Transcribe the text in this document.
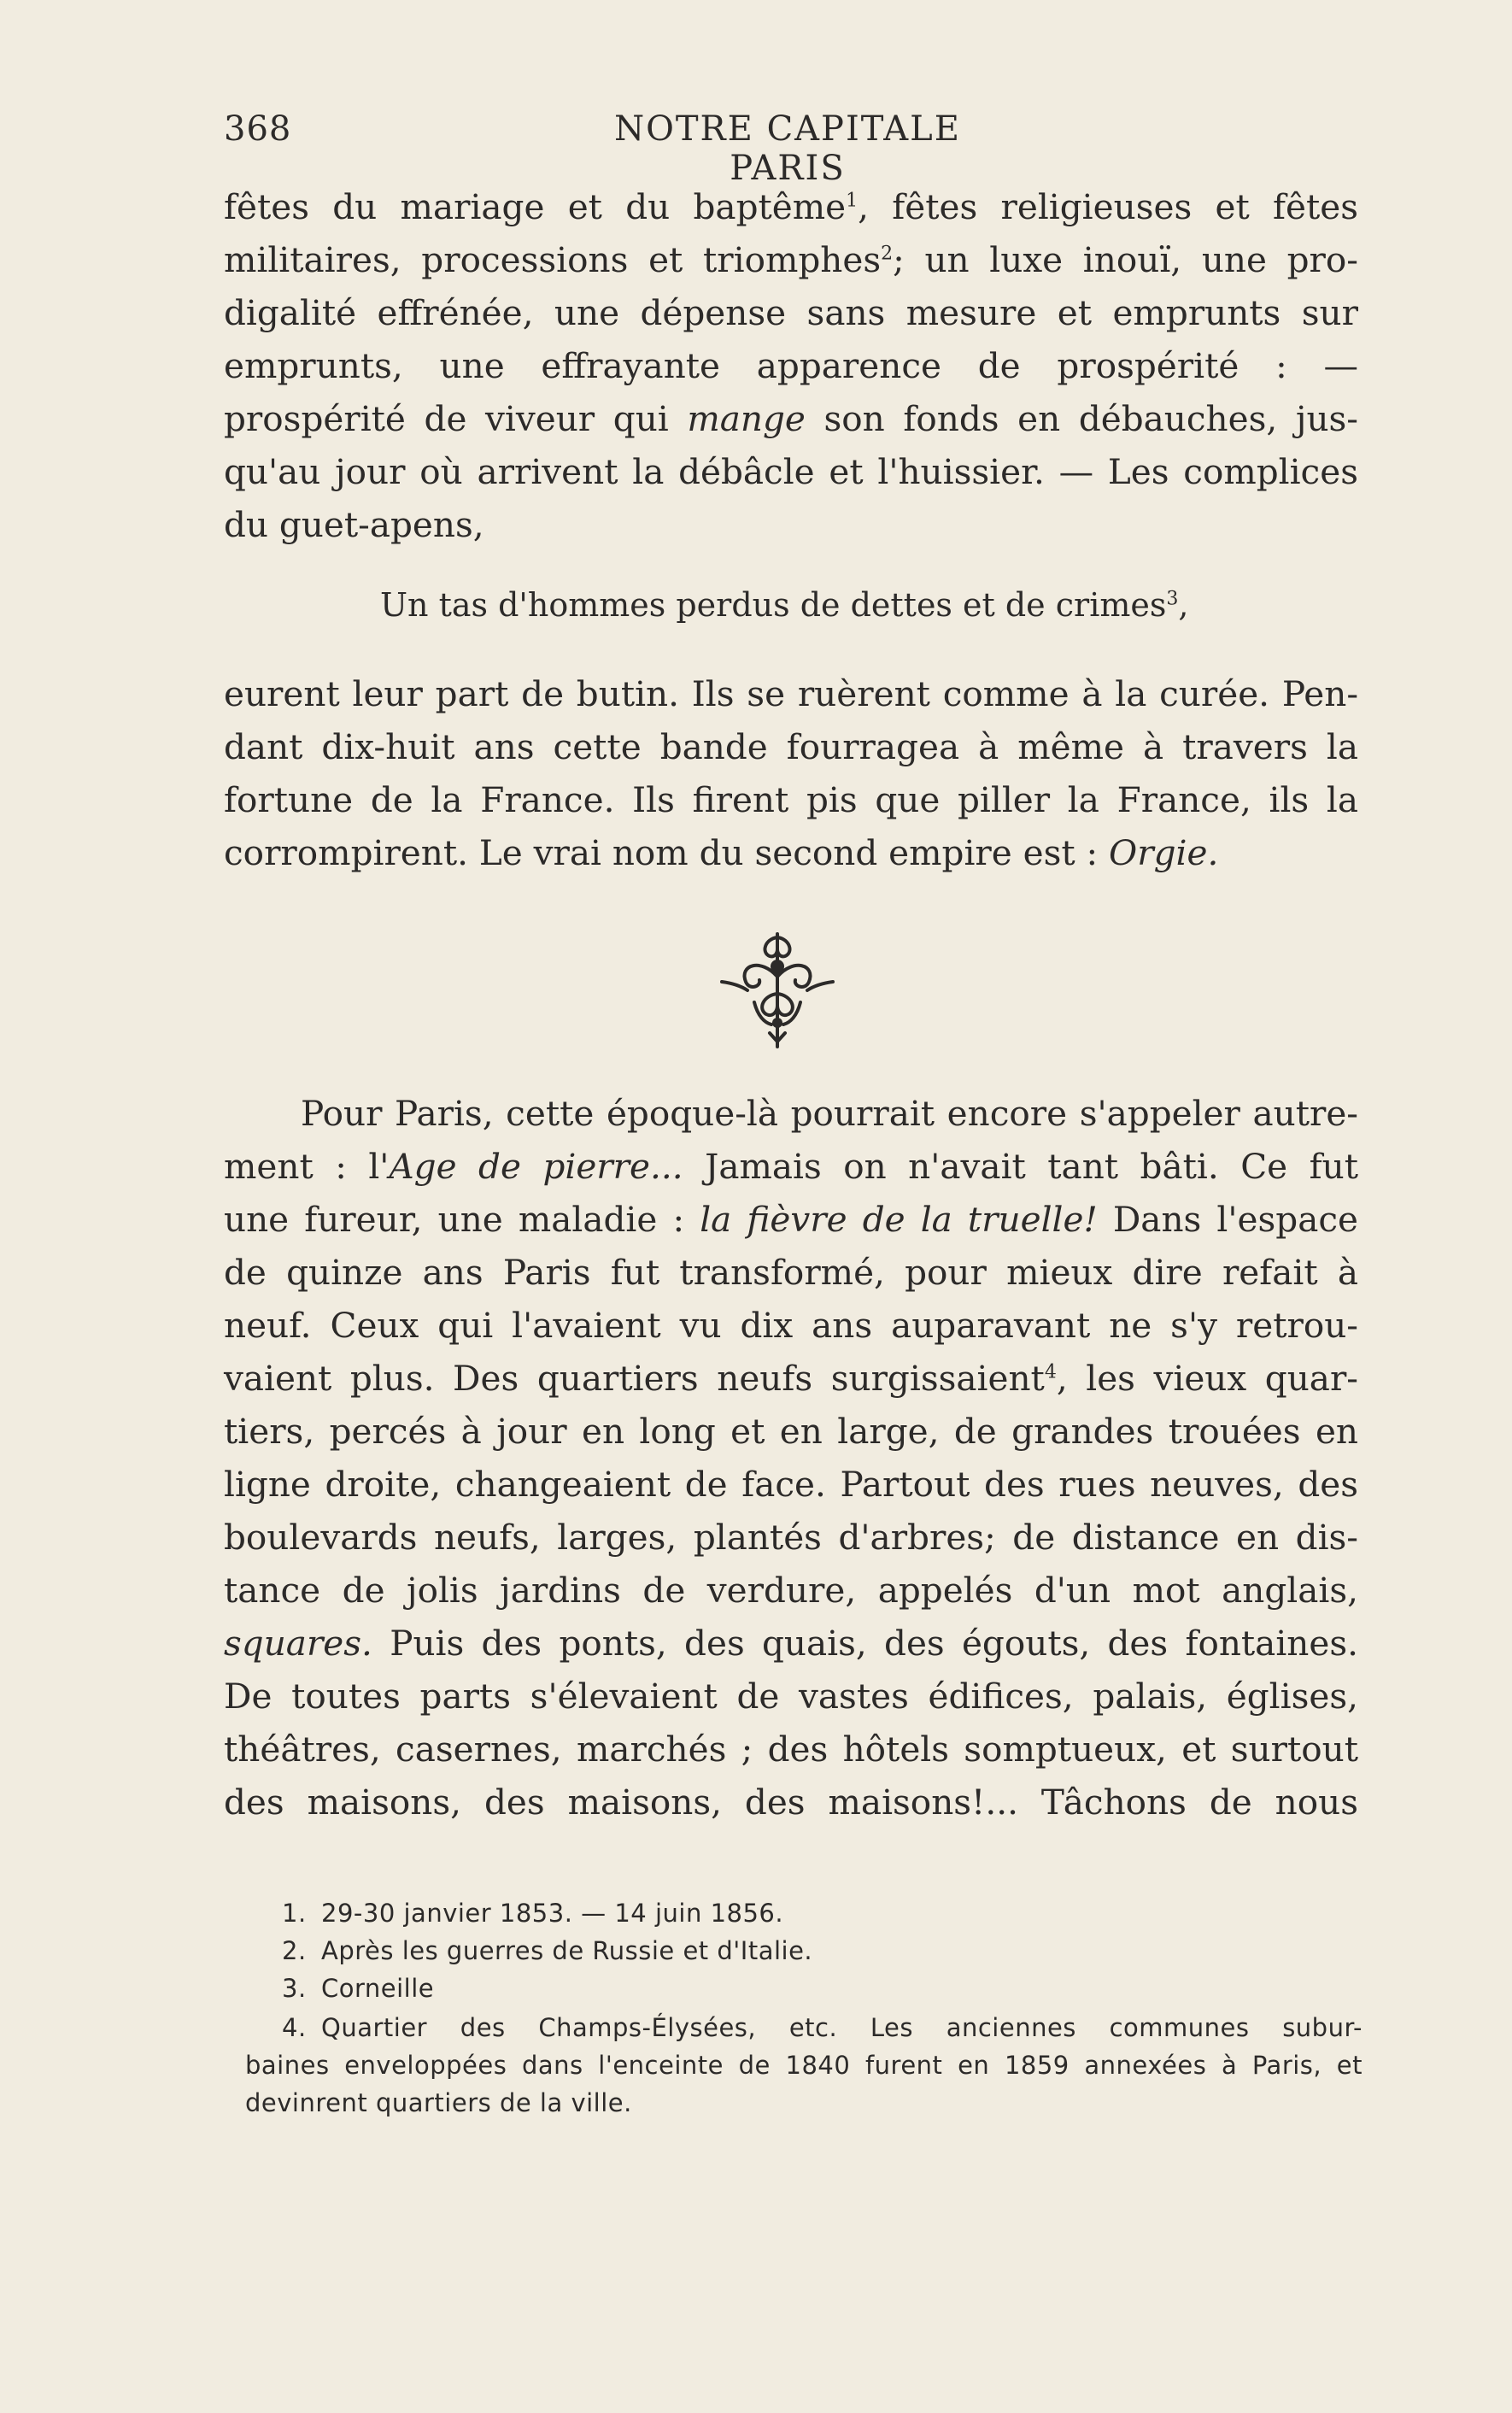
368	NOTRE CAPITALE PARIS
fêtes du mariage et du baptême$^1$, fêtes religieuses et fêtes
militaires, processions et triomphes$^2$; un luxe inouï, une pro-
digalité effrénée, une dépense sans mesure et emprunts sur
emprunts, une effrayante apparence de prospérité : —
prospérité de viveur qui mange son fonds en débauches, jus-
qu'au jour où arrivent la débâcle et l'huissier. — Les complices
du guet-apens,
Un tas d'hommes perdus de dettes et de crimes$^3$,
eurent leur part de butin. Ils se ruèrent comme à la curée. Pen-
dant dix-huit ans cette bande fourragea à même à travers la
fortune de la France. Ils firent pis que piller la France, ils la
corrompirent. Le vrai nom du second empire est : Orgie.
Pour Paris, cette époque-là pourrait encore s'appeler autre-
ment : l'Age de pierre... Jamais on n'avait tant bâti. Ce fut
une fureur, une maladie : la fièvre de la truelle! Dans l'espace
de quinze ans Paris fut transformé, pour mieux dire refait à
neuf. Ceux qui l'avaient vu dix ans auparavant ne s'y retrou-
vaient plus. Des quartiers neufs surgissaient$^4$, les vieux quar-
tiers, percés à jour en long et en large, de grandes trouées en
ligne droite, changeaient de face. Partout des rues neuves, des
boulevards neufs, larges, plantés d'arbres; de distance en dis-
tance de jolis jardins de verdure, appelés d'un mot anglais,
squares. Puis des ponts, des quais, des égouts, des fontaines.
De toutes parts s'élevaient de vastes édifices, palais, églises,
théâtres, casernes, marchés ; des hôtels somptueux, et surtout
des maisons, des maisons, des maisons!... Tâchons de nous
1. 29-30 janvier 1853. — 14 juin 1856.
2. Après les guerres de Russie et d'Italie.
3. Corneille
4. Quartier des Champs-Élysées, etc. Les anciennes communes subur-
baines enveloppées dans l'enceinte de 1840 furent en 1859 annexées à Paris, et
devinrent quartiers de la ville.
